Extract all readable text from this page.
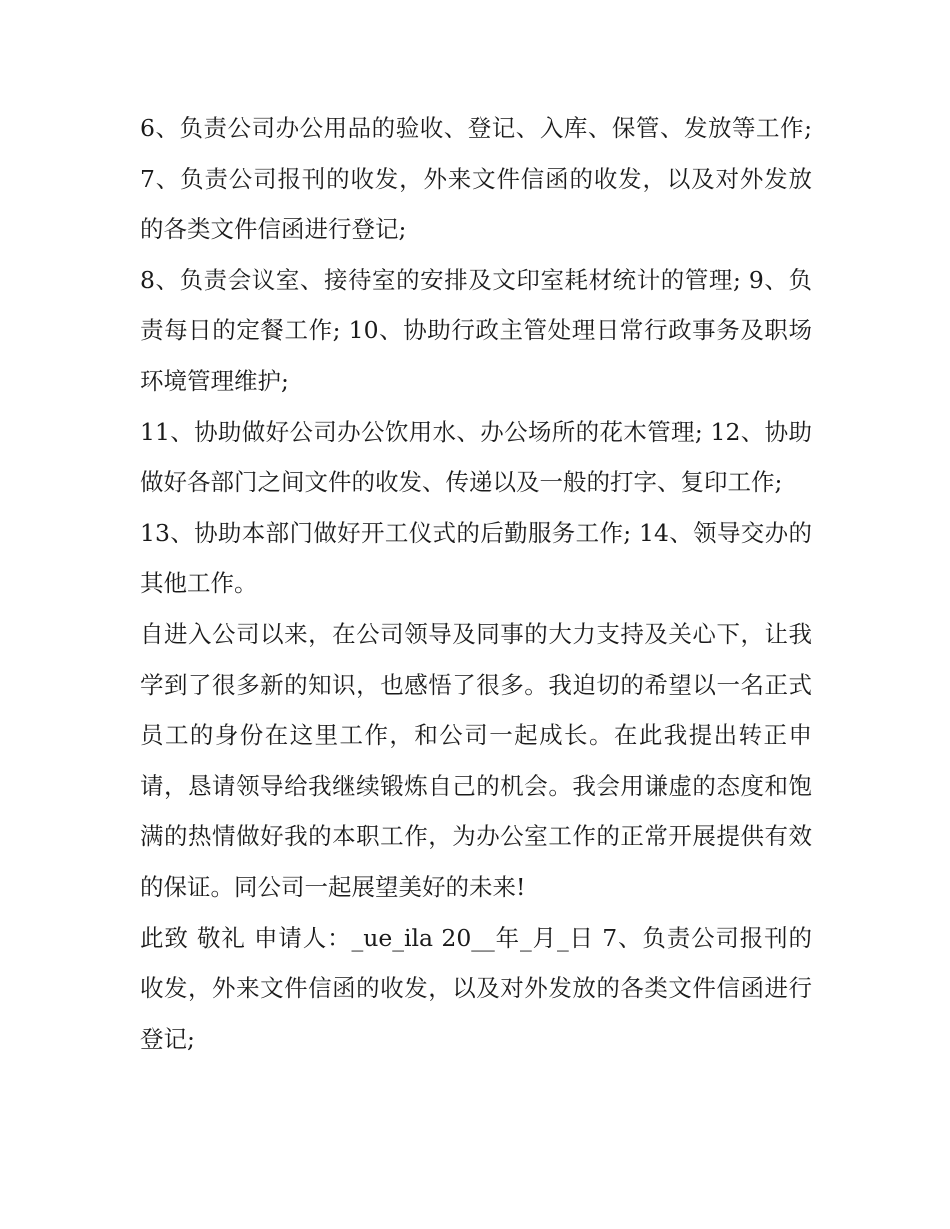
6、负责公司办公用品的验收、登记、入库、保管、发放等工作; 7、负责公司报刊的收发，外来文件信函的收发，以及对外发放的各类文件信函进行登记;

8、负责会议室、接待室的安排及文印室耗材统计的管理; 9、负责每日的定餐工作; 10、协助行政主管处理日常行政事务及职场环境管理维护;

11、协助做好公司办公饮用水、办公场所的花木管理; 12、协助做好各部门之间文件的收发、传递以及一般的打字、复印工作;

13、协助本部门做好开工仪式的后勤服务工作; 14、领导交办的其他工作。

自进入公司以来，在公司领导及同事的大力支持及关心下，让我学到了很多新的知识，也感悟了很多。我迫切的希望以一名正式员工的身份在这里工作，和公司一起成长。在此我提出转正申请，恳请领导给我继续锻炼自己的机会。我会用谦虚的态度和饱满的热情做好我的本职工作，为办公室工作的正常开展提供有效的保证。同公司一起展望美好的未来!

此致 敬礼 申请人：_ue_ila 20__年_月_日 7、负责公司报刊的收发，外来文件信函的收发，以及对外发放的各类文件信函进行登记;
